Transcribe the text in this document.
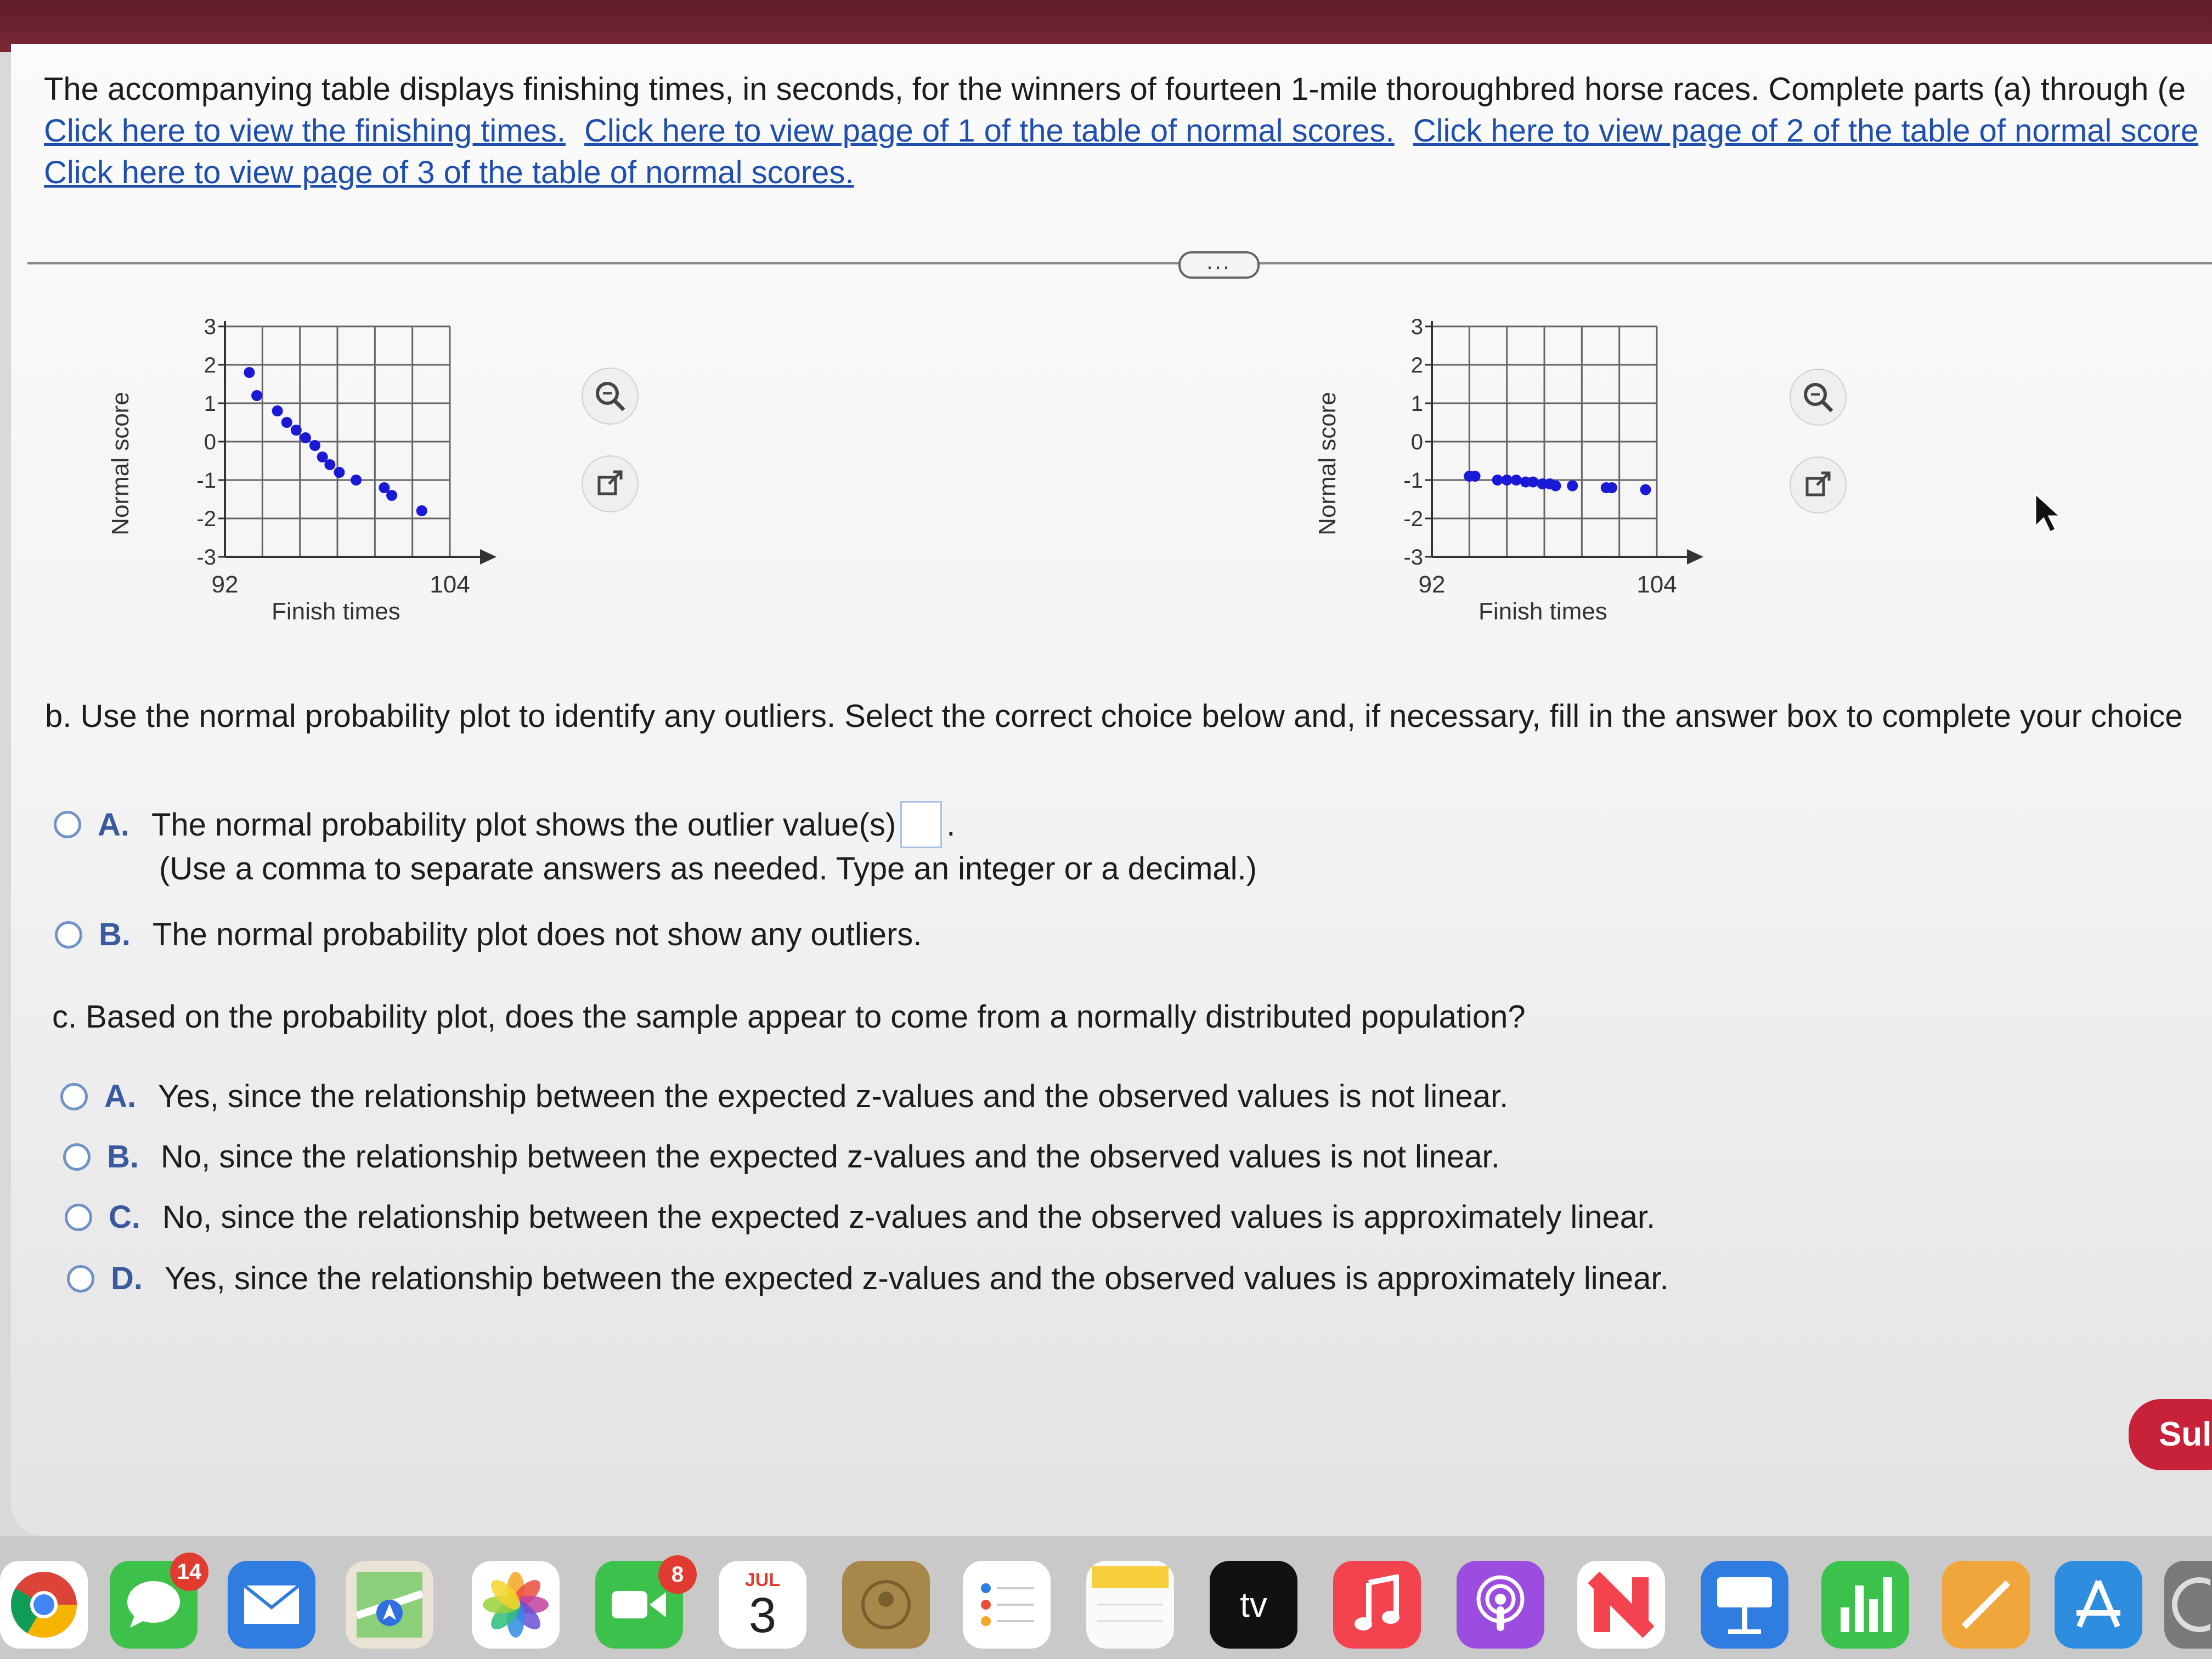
The accompanying table displays finishing times, in seconds, for the winners of fourteen 1-mile thoroughbred horse races. Complete parts (a) through (e
Click here to view the finishing times. Click here to view page of 1 of the table of normal scores. Click here to view page of 2 of the table of normal score
Click here to view page of 3 of the table of normal scores.
...
Normal score
3
2
1
0
-1
-2
-3
92	104
Finish times
Normal score
3
2
1
0
-1
-2
-3
92	104
Finish times
b. Use the normal probability plot to identify any outliers. Select the correct choice below and, if necessary, fill in the answer box to complete your choice
A. The normal probability plot shows the outlier value(s) .
(Use a comma to separate answers as needed. Type an integer or a decimal.)
B. The normal probability plot does not show any outliers.
c. Based on the probability plot, does the sample appear to come from a normally distributed population?
A. Yes, since the relationship between the expected z-values and the observed values is not linear.
B. No, since the relationship between the expected z-values and the observed values is not linear.
C. No, since the relationship between the expected z-values and the observed values is approximately linear.
D. Yes, since the relationship between the expected z-values and the observed values is approximately linear.
Sul
14	8	JUL
3	tv
